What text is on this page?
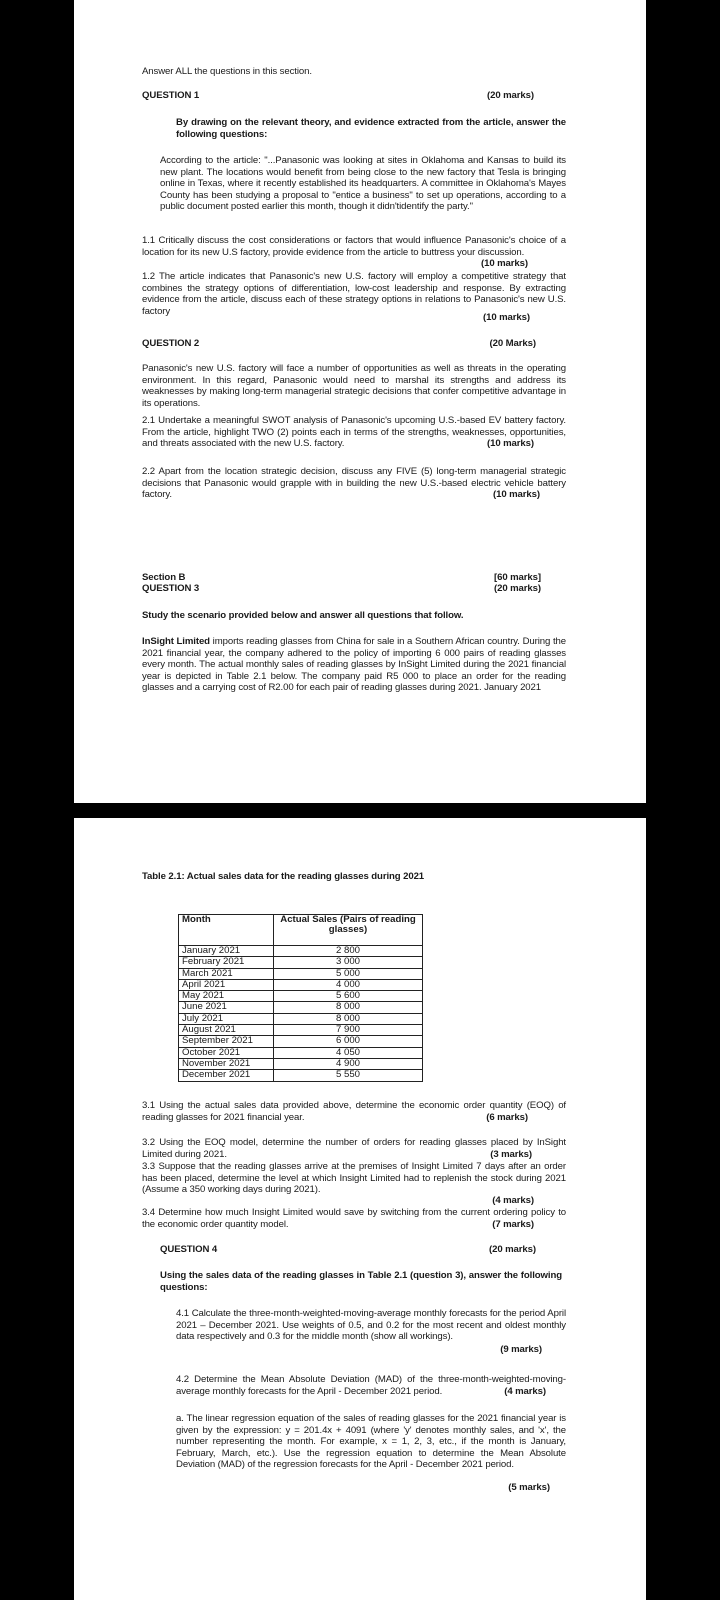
Answer ALL the questions in this section.
QUESTION 1	(20 marks)
By drawing on the relevant theory, and evidence extracted from the article, answer the following questions:
According to the article: "...Panasonic was looking at sites in Oklahoma and Kansas to build its new plant. The locations would benefit from being close to the new factory that Tesla is bringing online in Texas, where it recently established its headquarters. A committee in Oklahoma's Mayes County has been studying a proposal to "entice a business" to set up operations, according to a public document posted earlier this month, though it didn'tidentify the party."
1.1 Critically discuss the cost considerations or factors that would influence Panasonic's choice of a location for its new U.S factory, provide evidence from the article to buttress your discussion.
(10 marks)
1.2 The article indicates that Panasonic's new U.S. factory will employ a competitive strategy that combines the strategy options of differentiation, low-cost leadership and response. By extracting evidence from the article, discuss each of these strategy options in relations to Panasonic's new U.S. factory
(10 marks)
QUESTION 2	(20 Marks)
Panasonic's new U.S. factory will face a number of opportunities as well as threats in the operating environment. In this regard, Panasonic would need to marshal its strengths and address its weaknesses by making long-term managerial strategic decisions that confer competitive advantage in its operations.
2.1 Undertake a meaningful SWOT analysis of Panasonic's upcoming U.S.-based EV battery factory. From the article, highlight TWO (2) points each in terms of the strengths, weaknesses, opportunities, and threats associated with the new U.S. factory.	(10 marks)
2.2 Apart from the location strategic decision, discuss any FIVE (5) long-term managerial strategic decisions that Panasonic would grapple with in building the new U.S.-based electric vehicle battery factory.	(10 marks)
Section B	[60 marks]
QUESTION 3	(20 marks)
Study the scenario provided below and answer all questions that follow.
InSight Limited imports reading glasses from China for sale in a Southern African country. During the 2021 financial year, the company adhered to the policy of importing 6 000 pairs of reading glasses every month. The actual monthly sales of reading glasses by InSight Limited during the 2021 financial year is depicted in Table 2.1 below. The company paid R5 000 to place an order for the reading glasses and a carrying cost of R2.00 for each pair of reading glasses during 2021. January 2021
Table 2.1: Actual sales data for the reading glasses during 2021
Month	Actual Sales (Pairs of reading glasses)
January 2021	2 800
February 2021	3 000
March 2021	5 000
April 2021	4 000
May 2021	5 600
June 2021	8 000
July 2021	8 000
August 2021	7 900
September 2021	6 000
October 2021	4 050
November 2021	4 900
December 2021	5 550
3.1 Using the actual sales data provided above, determine the economic order quantity (EOQ) of reading glasses for 2021 financial year.	(6 marks)
3.2 Using the EOQ model, determine the number of orders for reading glasses placed by InSight Limited during 2021.	(3 marks)
3.3 Suppose that the reading glasses arrive at the premises of Insight Limited 7 days after an order has been placed, determine the level at which Insight Limited had to replenish the stock during 2021 (Assume a 350 working days during 2021).
(4 marks)
3.4 Determine how much Insight Limited would save by switching from the current ordering policy to the economic order quantity model.	(7 marks)
QUESTION 4	(20 marks)
Using the sales data of the reading glasses in Table 2.1 (question 3), answer the following questions:
4.1 Calculate the three-month-weighted-moving-average monthly forecasts for the period April 2021 – December 2021. Use weights of 0.5, and 0.2 for the most recent and oldest monthly data respectively and 0.3 for the middle month (show all workings).
(9 marks)
4.2 Determine the Mean Absolute Deviation (MAD) of the three-month-weighted-moving-average monthly forecasts for the April - December 2021 period.	(4 marks)
a. The linear regression equation of the sales of reading glasses for the 2021 financial year is given by the expression: y = 201.4x + 4091 (where 'y' denotes monthly sales, and 'x', the number representing the month. For example, x = 1, 2, 3, etc., if the month is January, February, March, etc.). Use the regression equation to determine the Mean Absolute Deviation (MAD) of the regression forecasts for the April - December 2021 period.
(5 marks)
